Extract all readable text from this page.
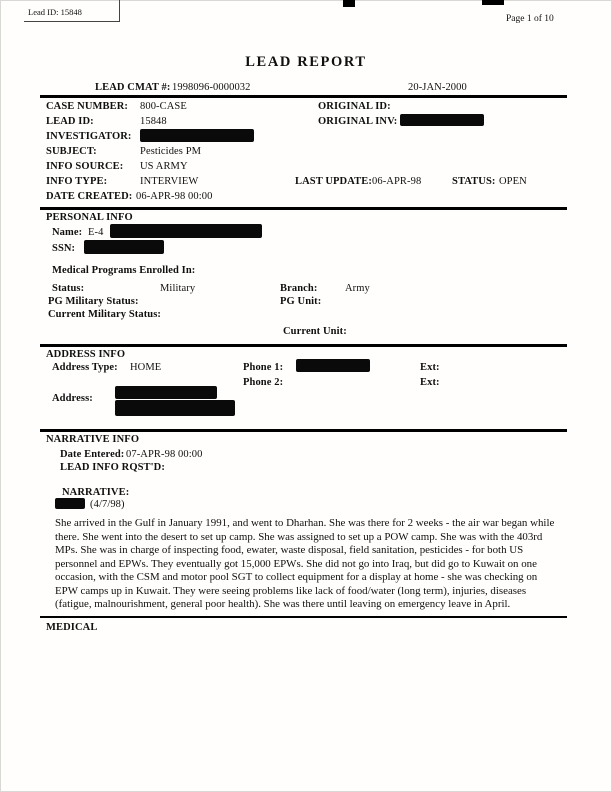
Lead ID: 15848
Page 1 of 10
LEAD REPORT
LEAD CMAT #: 1998096-0000032	20-JAN-2000
CASE NUMBER: 800-CASE	ORIGINAL ID:
LEAD ID:	15848	ORIGINAL INV:
INVESTIGATOR:
SUBJECT:	Pesticides PM
INFO SOURCE: US ARMY
INFO TYPE:	INTERVIEW	LAST UPDATE: 06-APR-98	STATUS: OPEN
DATE CREATED: 06-APR-98 00:00
PERSONAL INFO
Name: E-4
SSN:
Medical Programs Enrolled In:
Status:	Military	Branch:	Army
PG Military Status:	PG Unit:
Current Military Status:
Current Unit:
ADDRESS INFO
Address Type: HOME	Phone 1:	Ext:
Phone 2:	Ext:
Address:
NARRATIVE INFO
Date Entered: 07-APR-98 00:00
LEAD INFO RQST'D:
NARRATIVE:
(4/7/98)
She arrived in the Gulf in January 1991, and went to Dharhan. She was there for 2 weeks - the air war began while there. She went into the desert to set up camp. She was assigned to set up a POW camp. She was with the 403rd MPs. She was in charge of inspecting food, ewater, waste disposal, field sanitation, pesticides - for both US personnel and EPWs. They eventually got 15,000 EPWs. She did not go into Iraq, but did go to Kuwait on one occasion, with the CSM and motor pool SGT to collect equipment for a display at home - she was checking on EPW camps up in Kuwait. They were seeing problems like lack of food/water (long term), injuries, diseases (fatigue, malnourishment, general poor health). She was there until leaving on emergency leave in April.
MEDICAL
